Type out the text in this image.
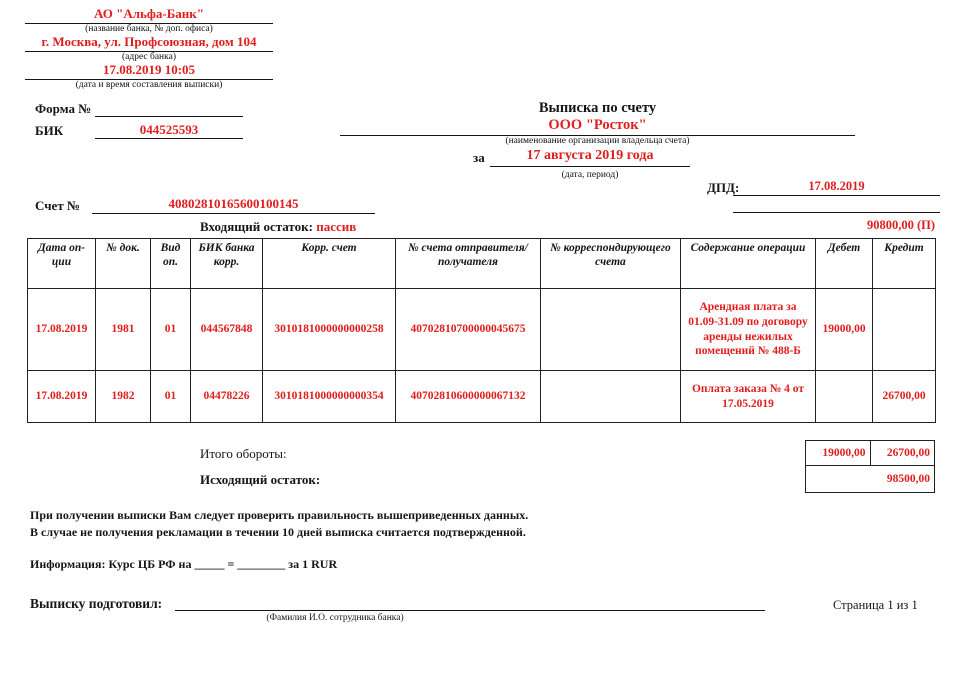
АО "Альфа-Банк"
(название банка, № доп. офиса)
г. Москва, ул. Профсоюзная, дом 104
(адрес банка)
17.08.2019 10:05
(дата и время составления выписки)
Форма №
БИК	044525593
Выписка по счету
ООО "Росток"
(наименование организации владельца счета)
за	17 августа 2019 года
(дата, период)
ДПД:	17.08.2019
90800,00 (П)
Счет №	40802810165600100145
Входящий остаток: пассив
Дата оп-ции	№ док.	Вид оп.	БИК банка корр.	Корр. счет	№ счета отправителя/ получателя	№ корреспондирующего счета	Содержание операции	Дебет	Кредит
17.08.2019	1981	01	044567848	3010181000000000258	40702810700000045675		Арендная плата за 01.09-31.09 по договору аренды нежилых помещений № 488-Б	19000,00	
17.08.2019	1982	01	04478226	3010181000000000354	40702810600000067132		Оплата заказа № 4 от 17.05.2019		26700,00
Итого обороты:
Исходящий остаток:
19000,00	26700,00
98500,00
При получении выписки Вам следует проверить правильность вышеприведенных данных.
В случае не получения рекламации в течении 10 дней выписка считается подтвержденной.
Информация: Курс ЦБ РФ на _____ = ________ за 1 RUR
Выписку подготовил:
(Фамилия И.О. сотрудника банка)
Страница 1 из 1
